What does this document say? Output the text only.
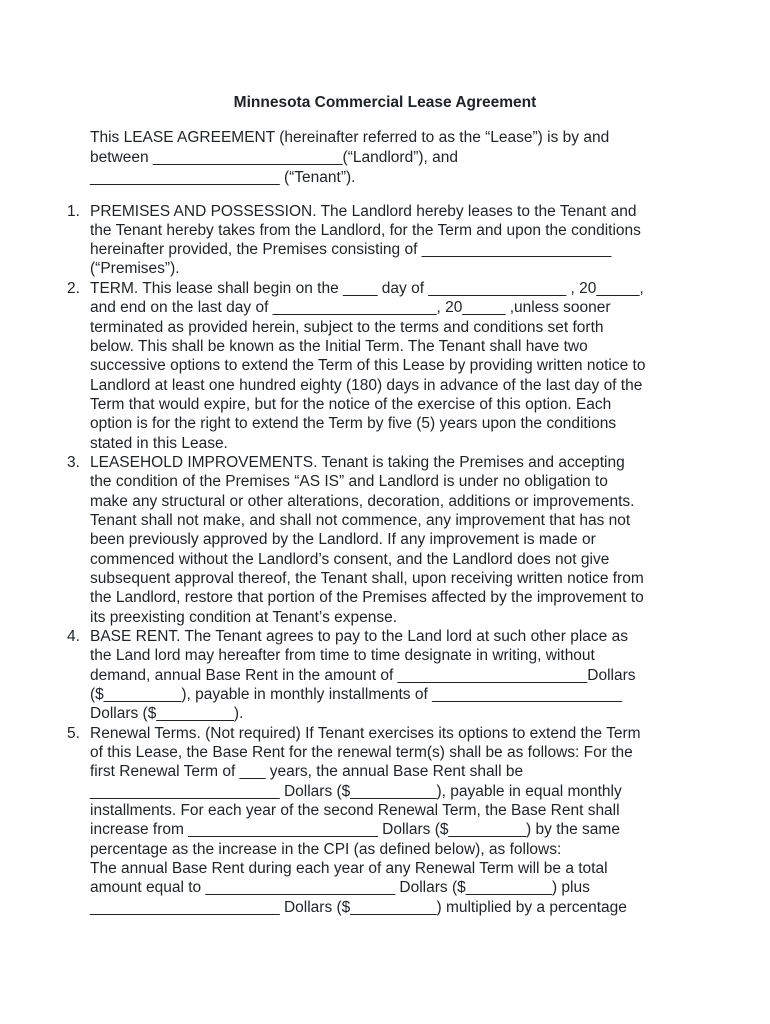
Minnesota Commercial Lease Agreement

This LEASE AGREEMENT (hereinafter referred to as the “Lease”) is by and

between ______________________(“Landlord”), and

______________________ (“Tenant”).

1. PREMISES AND POSSESSION. The Landlord hereby leases to the Tenant and

the Tenant hereby takes from the Landlord, for the Term and upon the conditions

hereinafter provided, the Premises consisting of ______________________

(“Premises”).

2. TERM. This lease shall begin on the ____ day of ________________ , 20_____,

and end on the last day of ___________________, 20_____ ,unless sooner

terminated as provided herein, subject to the terms and conditions set forth

below. This shall be known as the Initial Term. The Tenant shall have two

successive options to extend the Term of this Lease by providing written notice to

Landlord at least one hundred eighty (180) days in advance of the last day of the

Term that would expire, but for the notice of the exercise of this option. Each

option is for the right to extend the Term by five (5) years upon the conditions

stated in this Lease.

3. LEASEHOLD IMPROVEMENTS. Tenant is taking the Premises and accepting

the condition of the Premises “AS IS” and Landlord is under no obligation to

make any structural or other alterations, decoration, additions or improvements.

Tenant shall not make, and shall not commence, any improvement that has not

been previously approved by the Landlord. If any improvement is made or

commenced without the Landlord’s consent, and the Landlord does not give

subsequent approval thereof, the Tenant shall, upon receiving written notice from

the Landlord, restore that portion of the Premises affected by the improvement to

its preexisting condition at Tenant’s expense.

4. BASE RENT. The Tenant agrees to pay to the Land lord at such other place as

the Land lord may hereafter from time to time designate in writing, without

demand, annual Base Rent in the amount of ______________________Dollars

($_________), payable in monthly installments of ______________________

Dollars ($_________).

5. Renewal Terms. (Not required) If Tenant exercises its options to extend the Term

of this Lease, the Base Rent for the renewal term(s) shall be as follows: For the

first Renewal Term of ___ years, the annual Base Rent shall be

______________________ Dollars ($__________), payable in equal monthly

installments. For each year of the second Renewal Term, the Base Rent shall

increase from ______________________ Dollars ($_________) by the same

percentage as the increase in the CPI (as defined below), as follows:

The annual Base Rent during each year of any Renewal Term will be a total

amount equal to ______________________ Dollars ($__________) plus

______________________ Dollars ($__________) multiplied by a percentage
